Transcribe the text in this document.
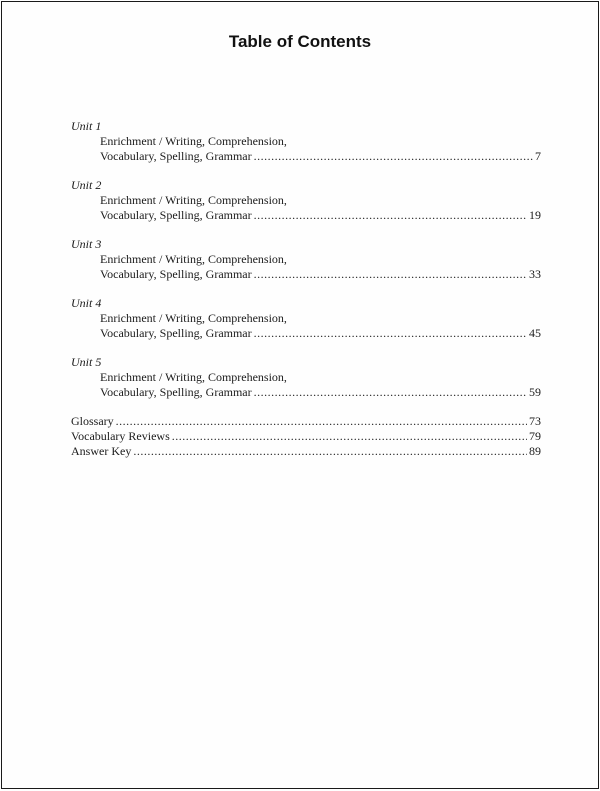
Table of Contents
Unit 1
Enrichment / Writing, Comprehension,
Vocabulary, Spelling, Grammar .....	7
Unit 2
Enrichment / Writing, Comprehension,
Vocabulary, Spelling, Grammar .....	19
Unit 3
Enrichment / Writing, Comprehension,
Vocabulary, Spelling, Grammar .....	33
Unit 4
Enrichment / Writing, Comprehension,
Vocabulary, Spelling, Grammar .....	45
Unit 5
Enrichment / Writing, Comprehension,
Vocabulary, Spelling, Grammar .....	59
Glossary .....	73
Vocabulary Reviews .....	79
Answer Key .....	89
